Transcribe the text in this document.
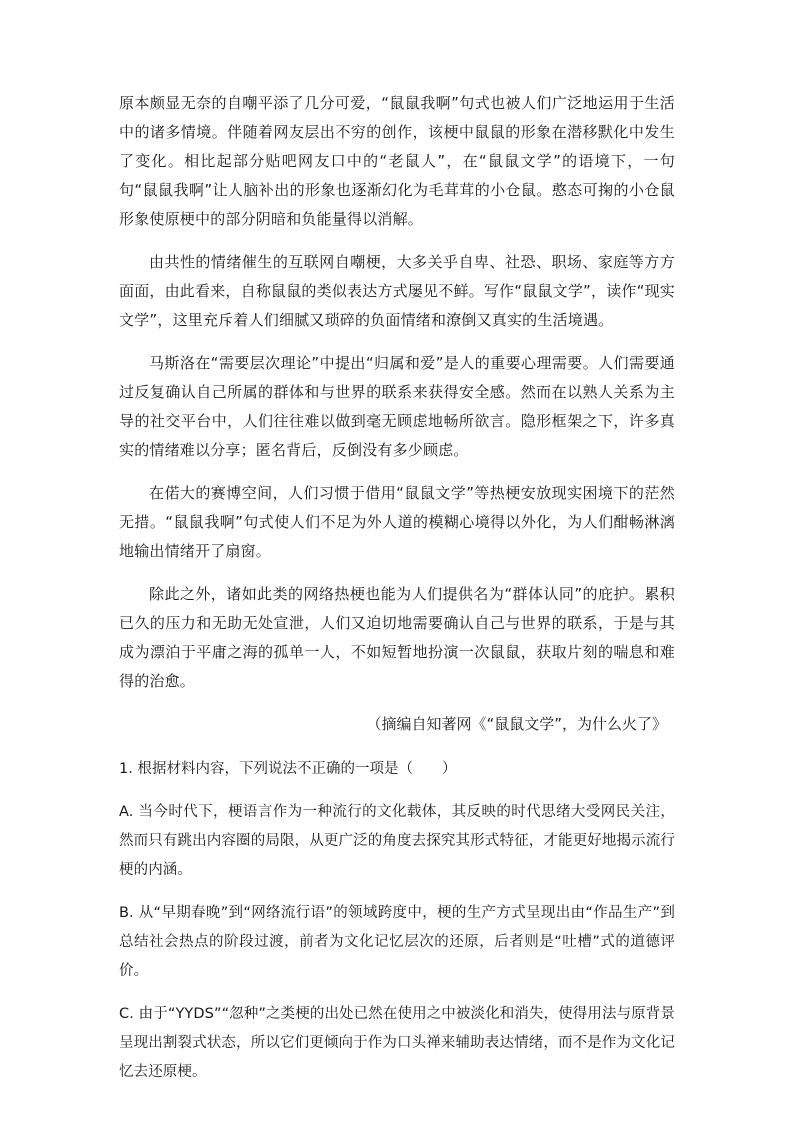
原本颇显无奈的自嘲平添了几分可爱，“鼠鼠我啊”句式也被人们广泛地运用于生活中的诸多情境。伴随着网友层出不穷的创作，该梗中鼠鼠的形象在潜移默化中发生了变化。相比起部分贴吧网友口中的“老鼠人”，在“鼠鼠文学”的语境下，一句句“鼠鼠我啊”让人脑补出的形象也逐渐幻化为毛茸茸的小仓鼠。憨态可掬的小仓鼠形象使原梗中的部分阴暗和负能量得以消解。

由共性的情绪催生的互联网自嘲梗，大多关乎自卑、社恐、职场、家庭等方方面面，由此看来，自称鼠鼠的类似表达方式屡见不鲜。写作“鼠鼠文学”，读作“现实文学”，这里充斥着人们细腻又琐碎的负面情绪和潦倒又真实的生活境遇。

马斯洛在“需要层次理论”中提出“归属和爱”是人的重要心理需要。人们需要通过反复确认自己所属的群体和与世界的联系来获得安全感。然而在以熟人关系为主导的社交平台中，人们往往难以做到毫无顾虑地畅所欲言。隐形框架之下，许多真实的情绪难以分享；匿名背后，反倒没有多少顾虑。

在偌大的赛博空间，人们习惯于借用“鼠鼠文学”等热梗安放现实困境下的茫然无措。“鼠鼠我啊”句式使人们不足为外人道的模糊心境得以外化，为人们酣畅淋漓地输出情绪开了扇窗。

除此之外，诸如此类的网络热梗也能为人们提供名为“群体认同”的庇护。累积已久的压力和无助无处宣泄，人们又迫切地需要确认自己与世界的联系，于是与其成为漂泊于平庸之海的孤单一人，不如短暂地扮演一次鼠鼠，获取片刻的喘息和难得的治愈。

（摘编自知著网《“鼠鼠文学”，为什么火了》

1. 根据材料内容，下列说法不正确的一项是（　　）

A. 当今时代下，梗语言作为一种流行的文化载体，其反映的时代思绪大受网民关注，然而只有跳出内容圈的局限，从更广泛的角度去探究其形式特征，才能更好地揭示流行梗的内涵。

B. 从“早期春晚”到“网络流行语”的领域跨度中，梗的生产方式呈现出由“作品生产”到总结社会热点的阶段过渡，前者为文化记忆层次的还原，后者则是“吐槽”式的道德评价。

C. 由于“YYDS”“忽种”之类梗的出处已然在使用之中被淡化和消失，使得用法与原背景呈现出割裂式状态，所以它们更倾向于作为口头禅来辅助表达情绪，而不是作为文化记忆去还原梗。
